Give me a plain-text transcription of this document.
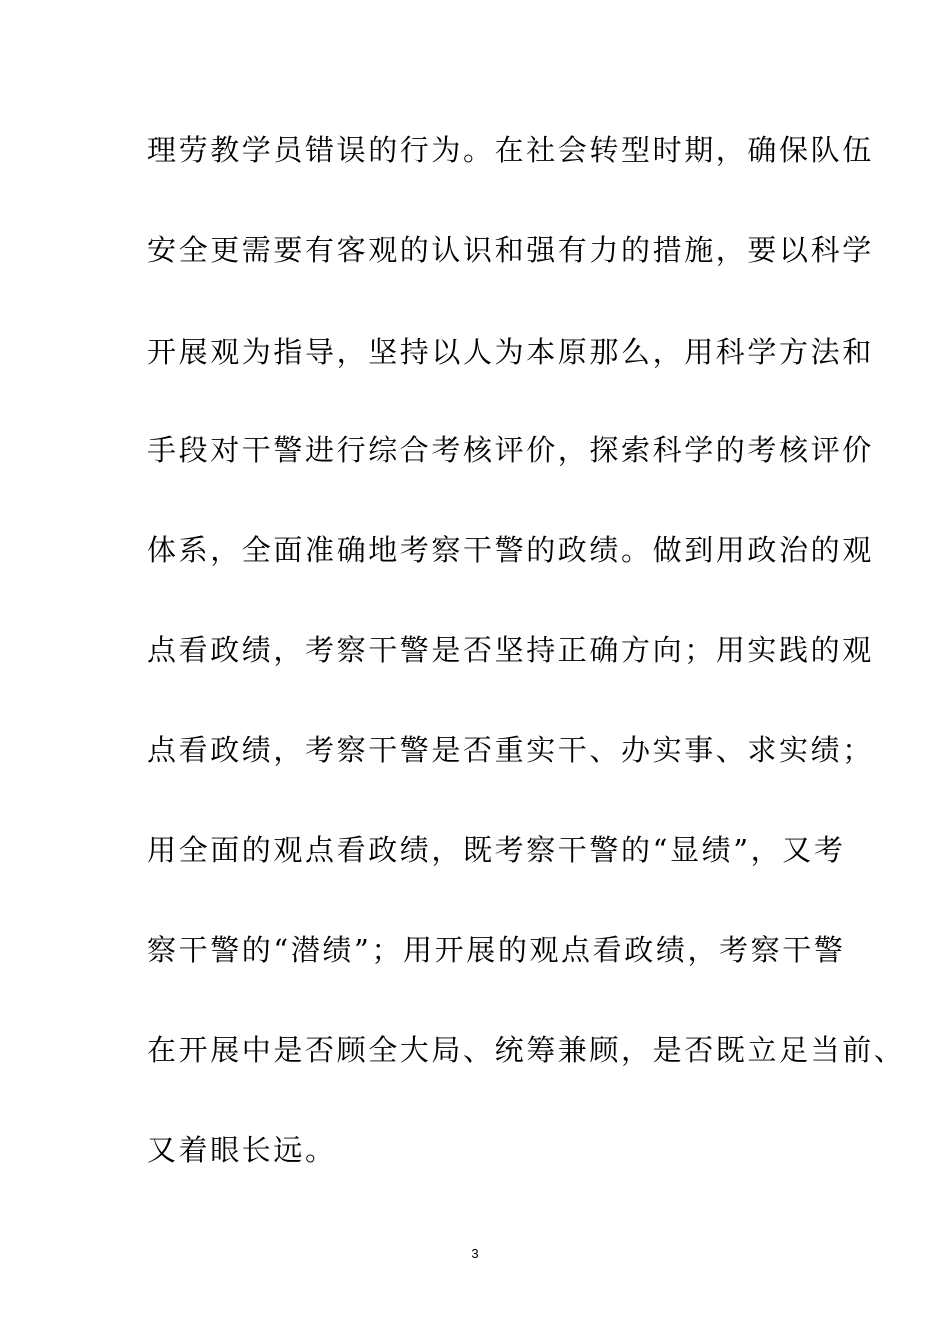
理劳教学员错误的行为。在社会转型时期，确保队伍
安全更需要有客观的认识和强有力的措施，要以科学
开展观为指导，坚持以人为本原那么，用科学方法和
手段对干警进行综合考核评价，探索科学的考核评价
体系，全面准确地考察干警的政绩。做到用政治的观
点看政绩，考察干警是否坚持正确方向；用实践的观
点看政绩，考察干警是否重实干、办实事、求实绩；
用全面的观点看政绩，既考察干警的“显绩”，又考
察干警的“潜绩”；用开展的观点看政绩，考察干警
在开展中是否顾全大局、统筹兼顾，是否既立足当前、
又着眼长远。
3
